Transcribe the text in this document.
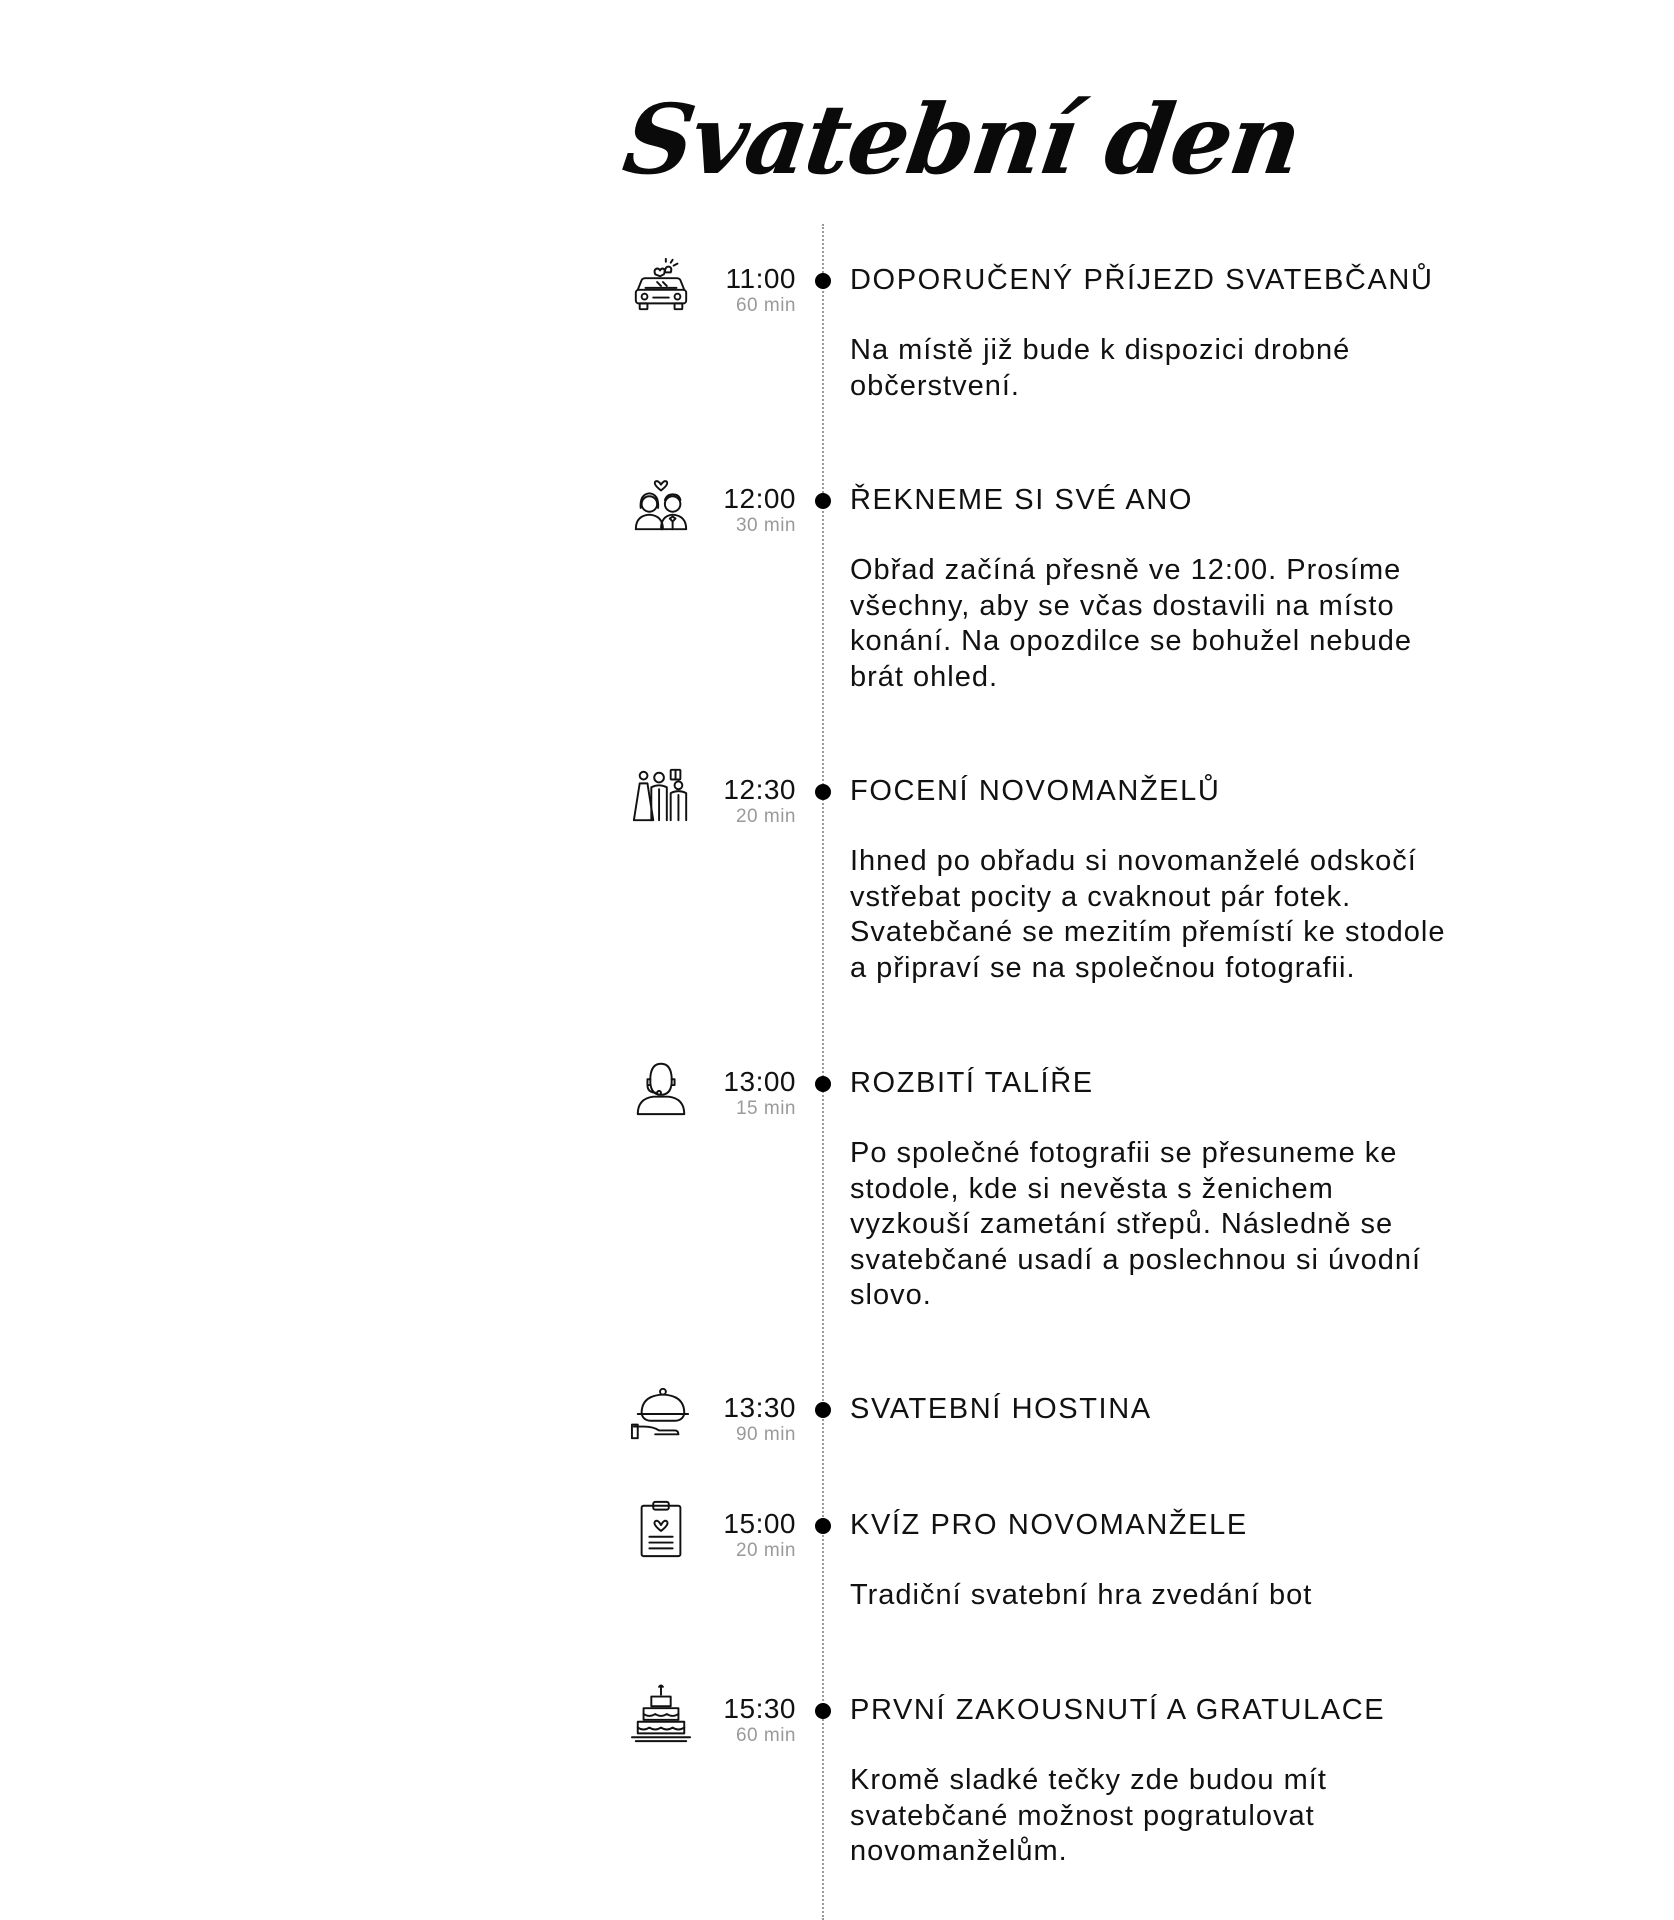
Svatební den
11:00
60 min
DOPORUČENÝ PŘÍJEZD SVATEBČANŮ
Na místě již bude k dispozici drobné
občerstvení.
12:00
30 min
ŘEKNEME SI SVÉ ANO
Obřad začíná přesně ve 12:00. Prosíme
všechny, aby se včas dostavili na místo
konání. Na opozdilce se bohužel nebude
brát ohled.
12:30
20 min
FOCENÍ NOVOMANŽELŮ
Ihned po obřadu si novomanželé odskočí
vstřebat pocity a cvaknout pár fotek.
Svatebčané se mezitím přemístí ke stodole
a připraví se na společnou fotografii.
13:00
15 min
ROZBITÍ TALÍŘE
Po společné fotografii se přesuneme ke
stodole, kde si nevěsta s ženichem
vyzkouší zametání střepů. Následně se
svatebčané usadí a poslechnou si úvodní
slovo.
13:30
90 min
SVATEBNÍ HOSTINA
15:00
20 min
KVÍZ PRO NOVOMANŽELE
Tradiční svatební hra zvedání bot
15:30
60 min
PRVNÍ ZAKOUSNUTÍ A GRATULACE
Kromě sladké tečky zde budou mít
svatebčané možnost pogratulovat
novomanželům.
